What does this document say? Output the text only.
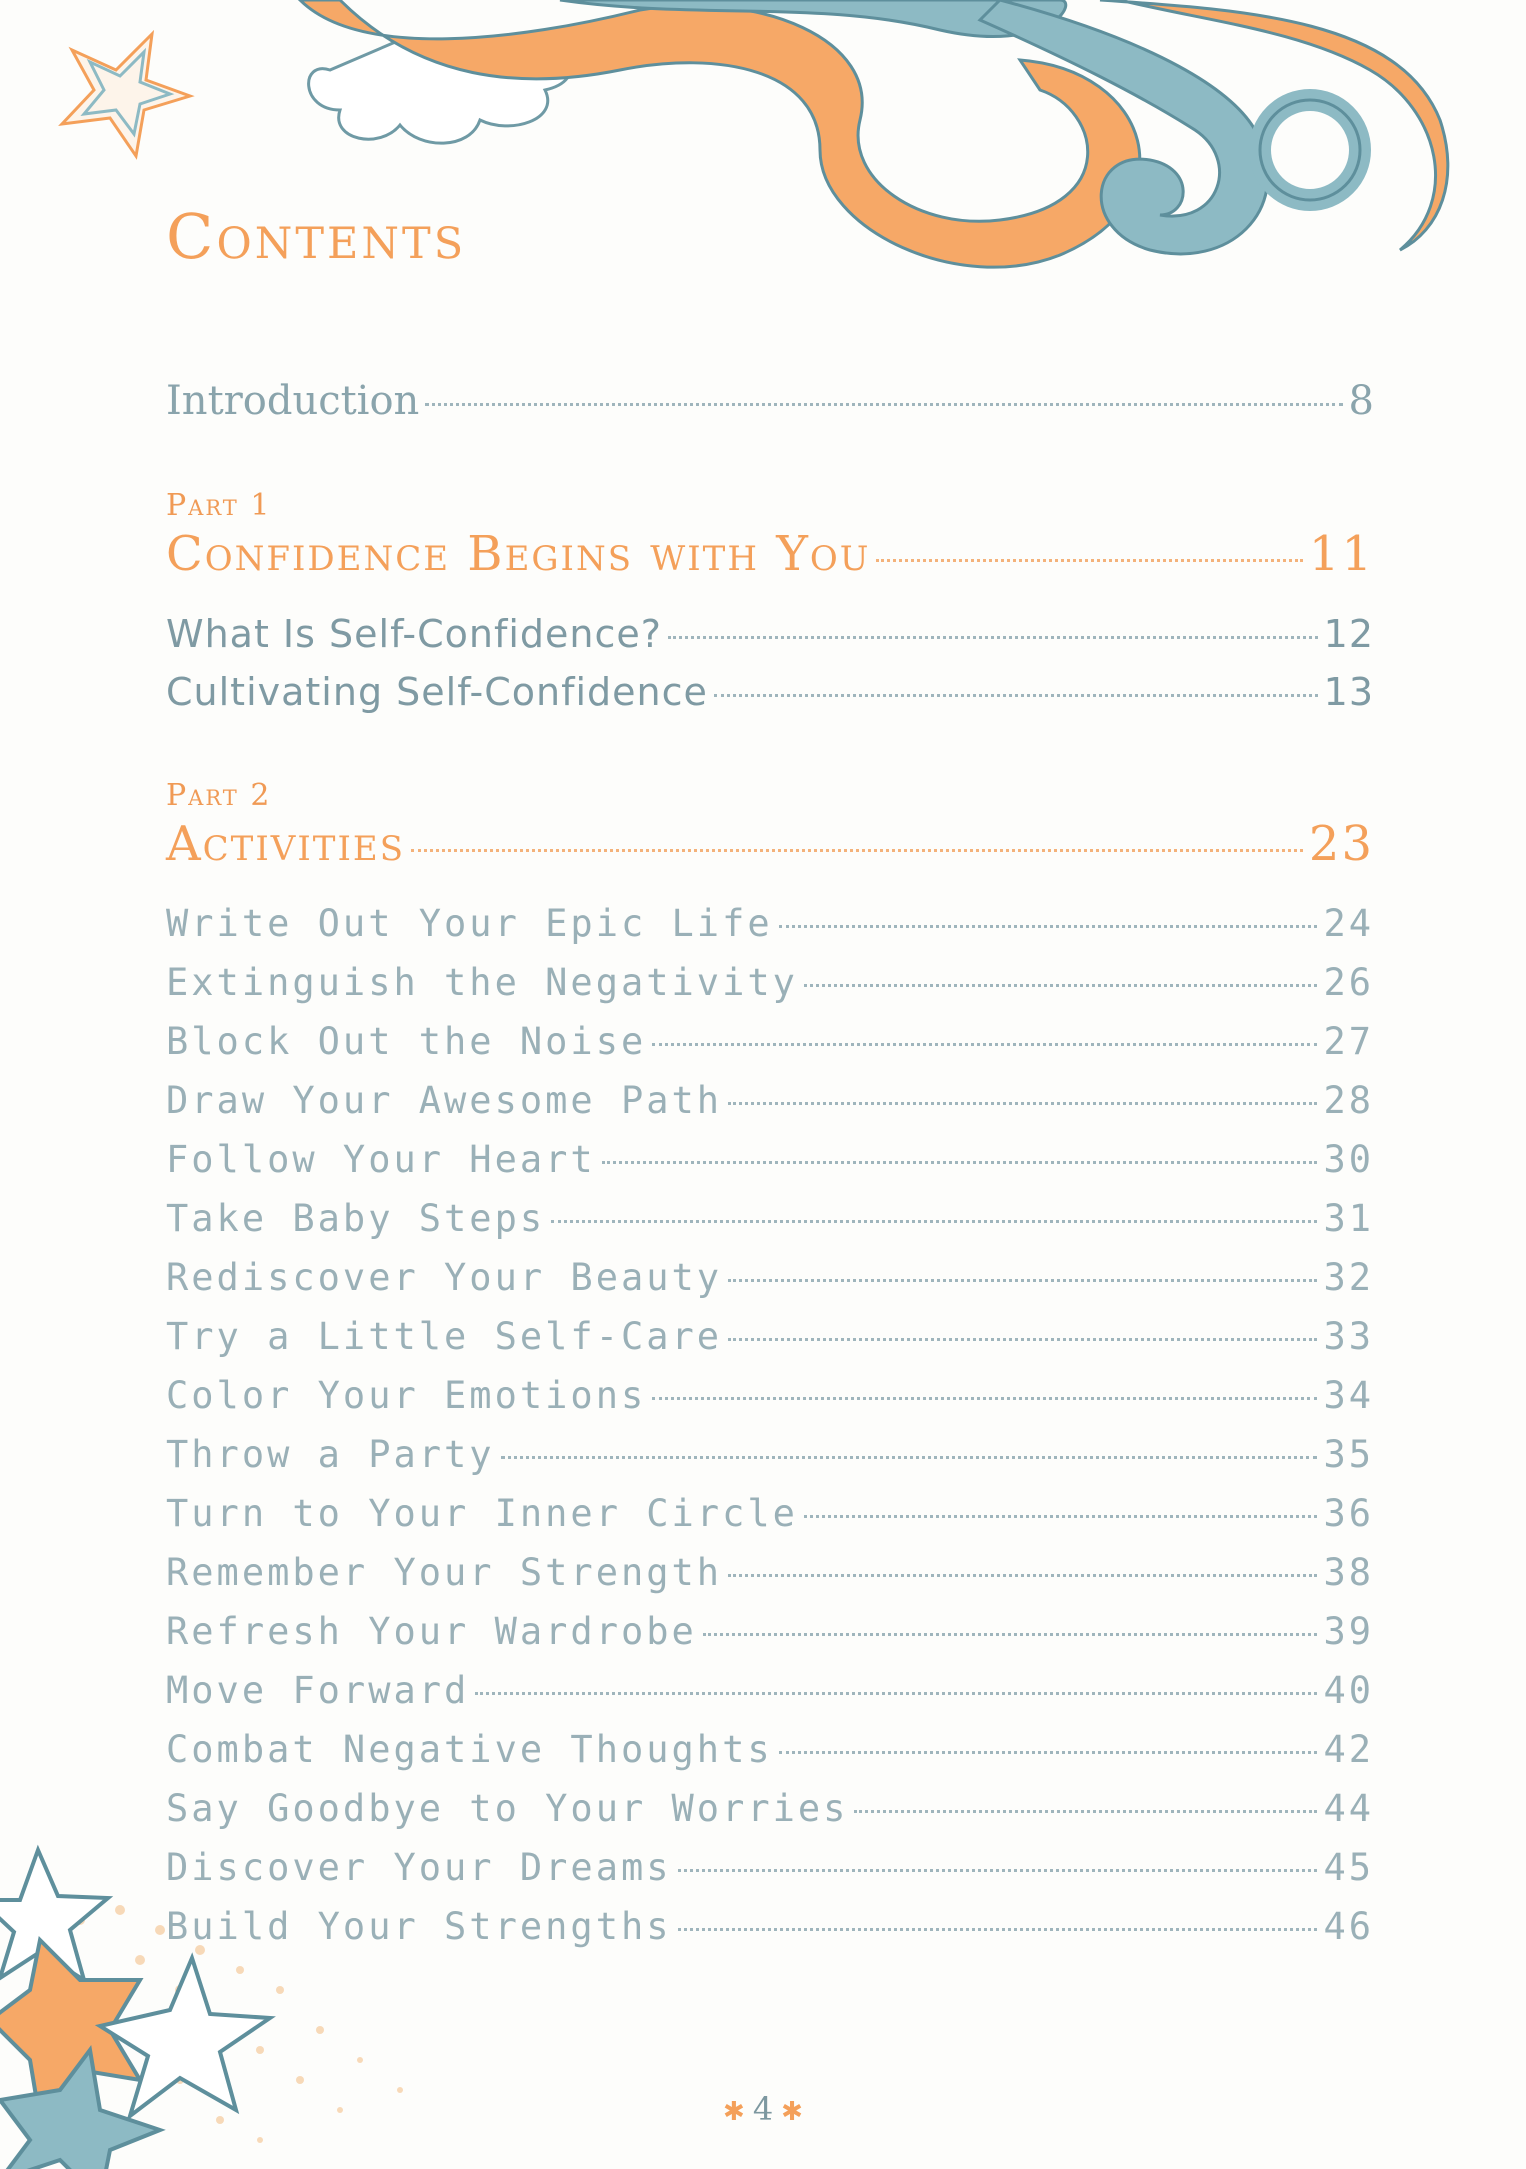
Contents
Introduction	8
Part 1
Confidence Begins with You	11
What Is Self-Confidence?	12
Cultivating Self-Confidence	13
Part 2
Activities	23
Write Out Your Epic Life	24
Extinguish the Negativity	26
Block Out the Noise	27
Draw Your Awesome Path	28
Follow Your Heart	30
Take Baby Steps	31
Rediscover Your Beauty	32
Try a Little Self-Care	33
Color Your Emotions	34
Throw a Party	35
Turn to Your Inner Circle	36
Remember Your Strength	38
Refresh Your Wardrobe	39
Move Forward	40
Combat Negative Thoughts	42
Say Goodbye to Your Worries	44
Discover Your Dreams	45
Build Your Strengths	46
✱ 4 ✱
